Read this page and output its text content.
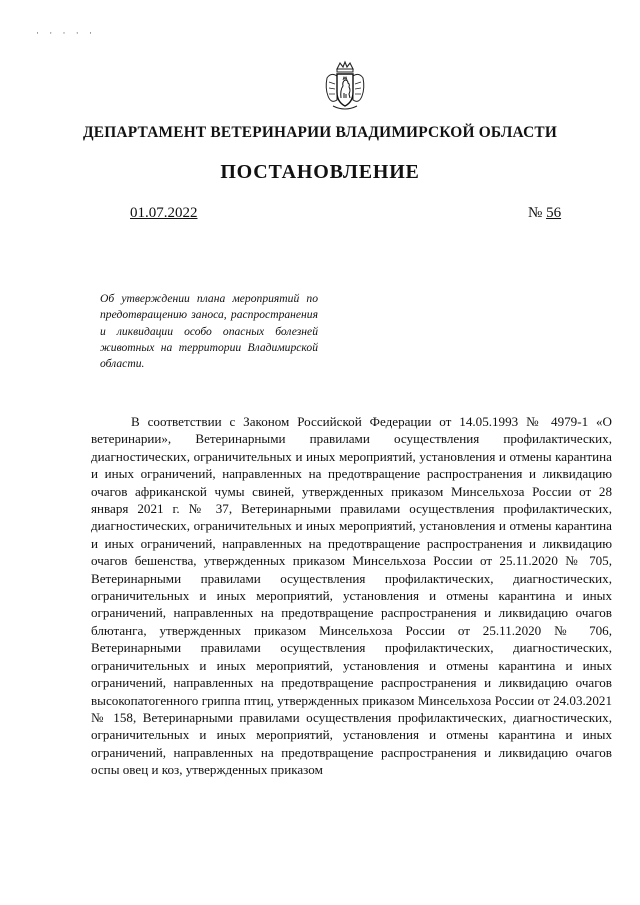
· · · · ·
ДЕПАРТАМЕНТ ВЕТЕРИНАРИИ ВЛАДИМИРСКОЙ ОБЛАСТИ
ПОСТАНОВЛЕНИЕ
01.07.2022	№ 56
Об утверждении плана мероприятий по предотвращению заноса, распространения и ликвидации особо опасных болезней животных на территории Владимирской области.

В соответствии с Законом Российской Федерации от 14.05.1993 № 4979-1 «О ветеринарии», Ветеринарными правилами осуществления профилактических, диагностических, ограничительных и иных мероприятий, установления и отмены карантина и иных ограничений, направленных на предотвращение распространения и ликвидацию очагов африканской чумы свиней, утвержденных приказом Минсельхоза России от 28 января 2021 г. № 37, Ветеринарными правилами осуществления профилактических, диагностических, ограничительных и иных мероприятий, установления и отмены карантина и иных ограничений, направленных на предотвращение распространения и ликвидацию очагов бешенства, утвержденных приказом Минсельхоза России от 25.11.2020 № 705, Ветеринарными правилами осуществления профилактических, диагностических, ограничительных и иных мероприятий, установления и отмены карантина и иных ограничений, направленных на предотвращение распространения и ликвидацию очагов блютанга, утвержденных приказом Минсельхоза России от 25.11.2020 № 706, Ветеринарными правилами осуществления профилактических, диагностических, ограничительных и иных мероприятий, установления и отмены карантина и иных ограничений, направленных на предотвращение распространения и ликвидацию очагов высокопатогенного гриппа птиц, утвержденных приказом Минсельхоза России от 24.03.2021 № 158, Ветеринарными правилами осуществления профилактических, диагностических, ограничительных и иных мероприятий, установления и отмены карантина и иных ограничений, направленных на предотвращение распространения и ликвидацию очагов оспы овец и коз, утвержденных приказом
